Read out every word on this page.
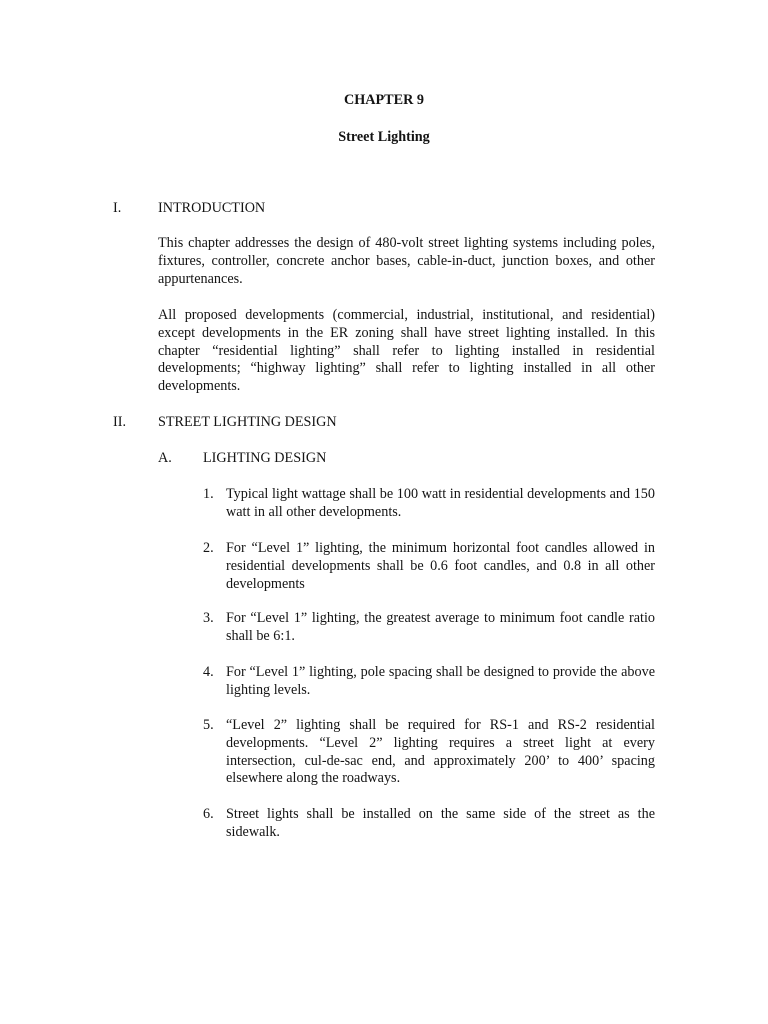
CHAPTER 9
Street Lighting
I.	INTRODUCTION
This chapter addresses the design of 480-volt street lighting systems including poles, fixtures, controller, concrete anchor bases, cable-in-duct, junction boxes, and other appurtenances.
All proposed developments (commercial, industrial, institutional, and residential) except developments in the ER zoning shall have street lighting installed. In this chapter “residential lighting” shall refer to lighting installed in residential developments; “highway lighting” shall refer to lighting installed in all other developments.
II. STREET LIGHTING DESIGN
A. LIGHTING DESIGN
1. Typical light wattage shall be 100 watt in residential developments and 150 watt in all other developments.
2. For “Level 1” lighting, the minimum horizontal foot candles allowed in residential developments shall be 0.6 foot candles, and 0.8 in all other developments
3. For “Level 1” lighting, the greatest average to minimum foot candle ratio shall be 6:1.
4. For “Level 1” lighting, pole spacing shall be designed to provide the above lighting levels.
5. “Level 2” lighting shall be required for RS-1 and RS-2 residential developments. “Level 2” lighting requires a street light at every intersection, cul-de-sac end, and approximately 200’ to 400’ spacing elsewhere along the roadways.
6. Street lights shall be installed on the same side of the street as the sidewalk.
